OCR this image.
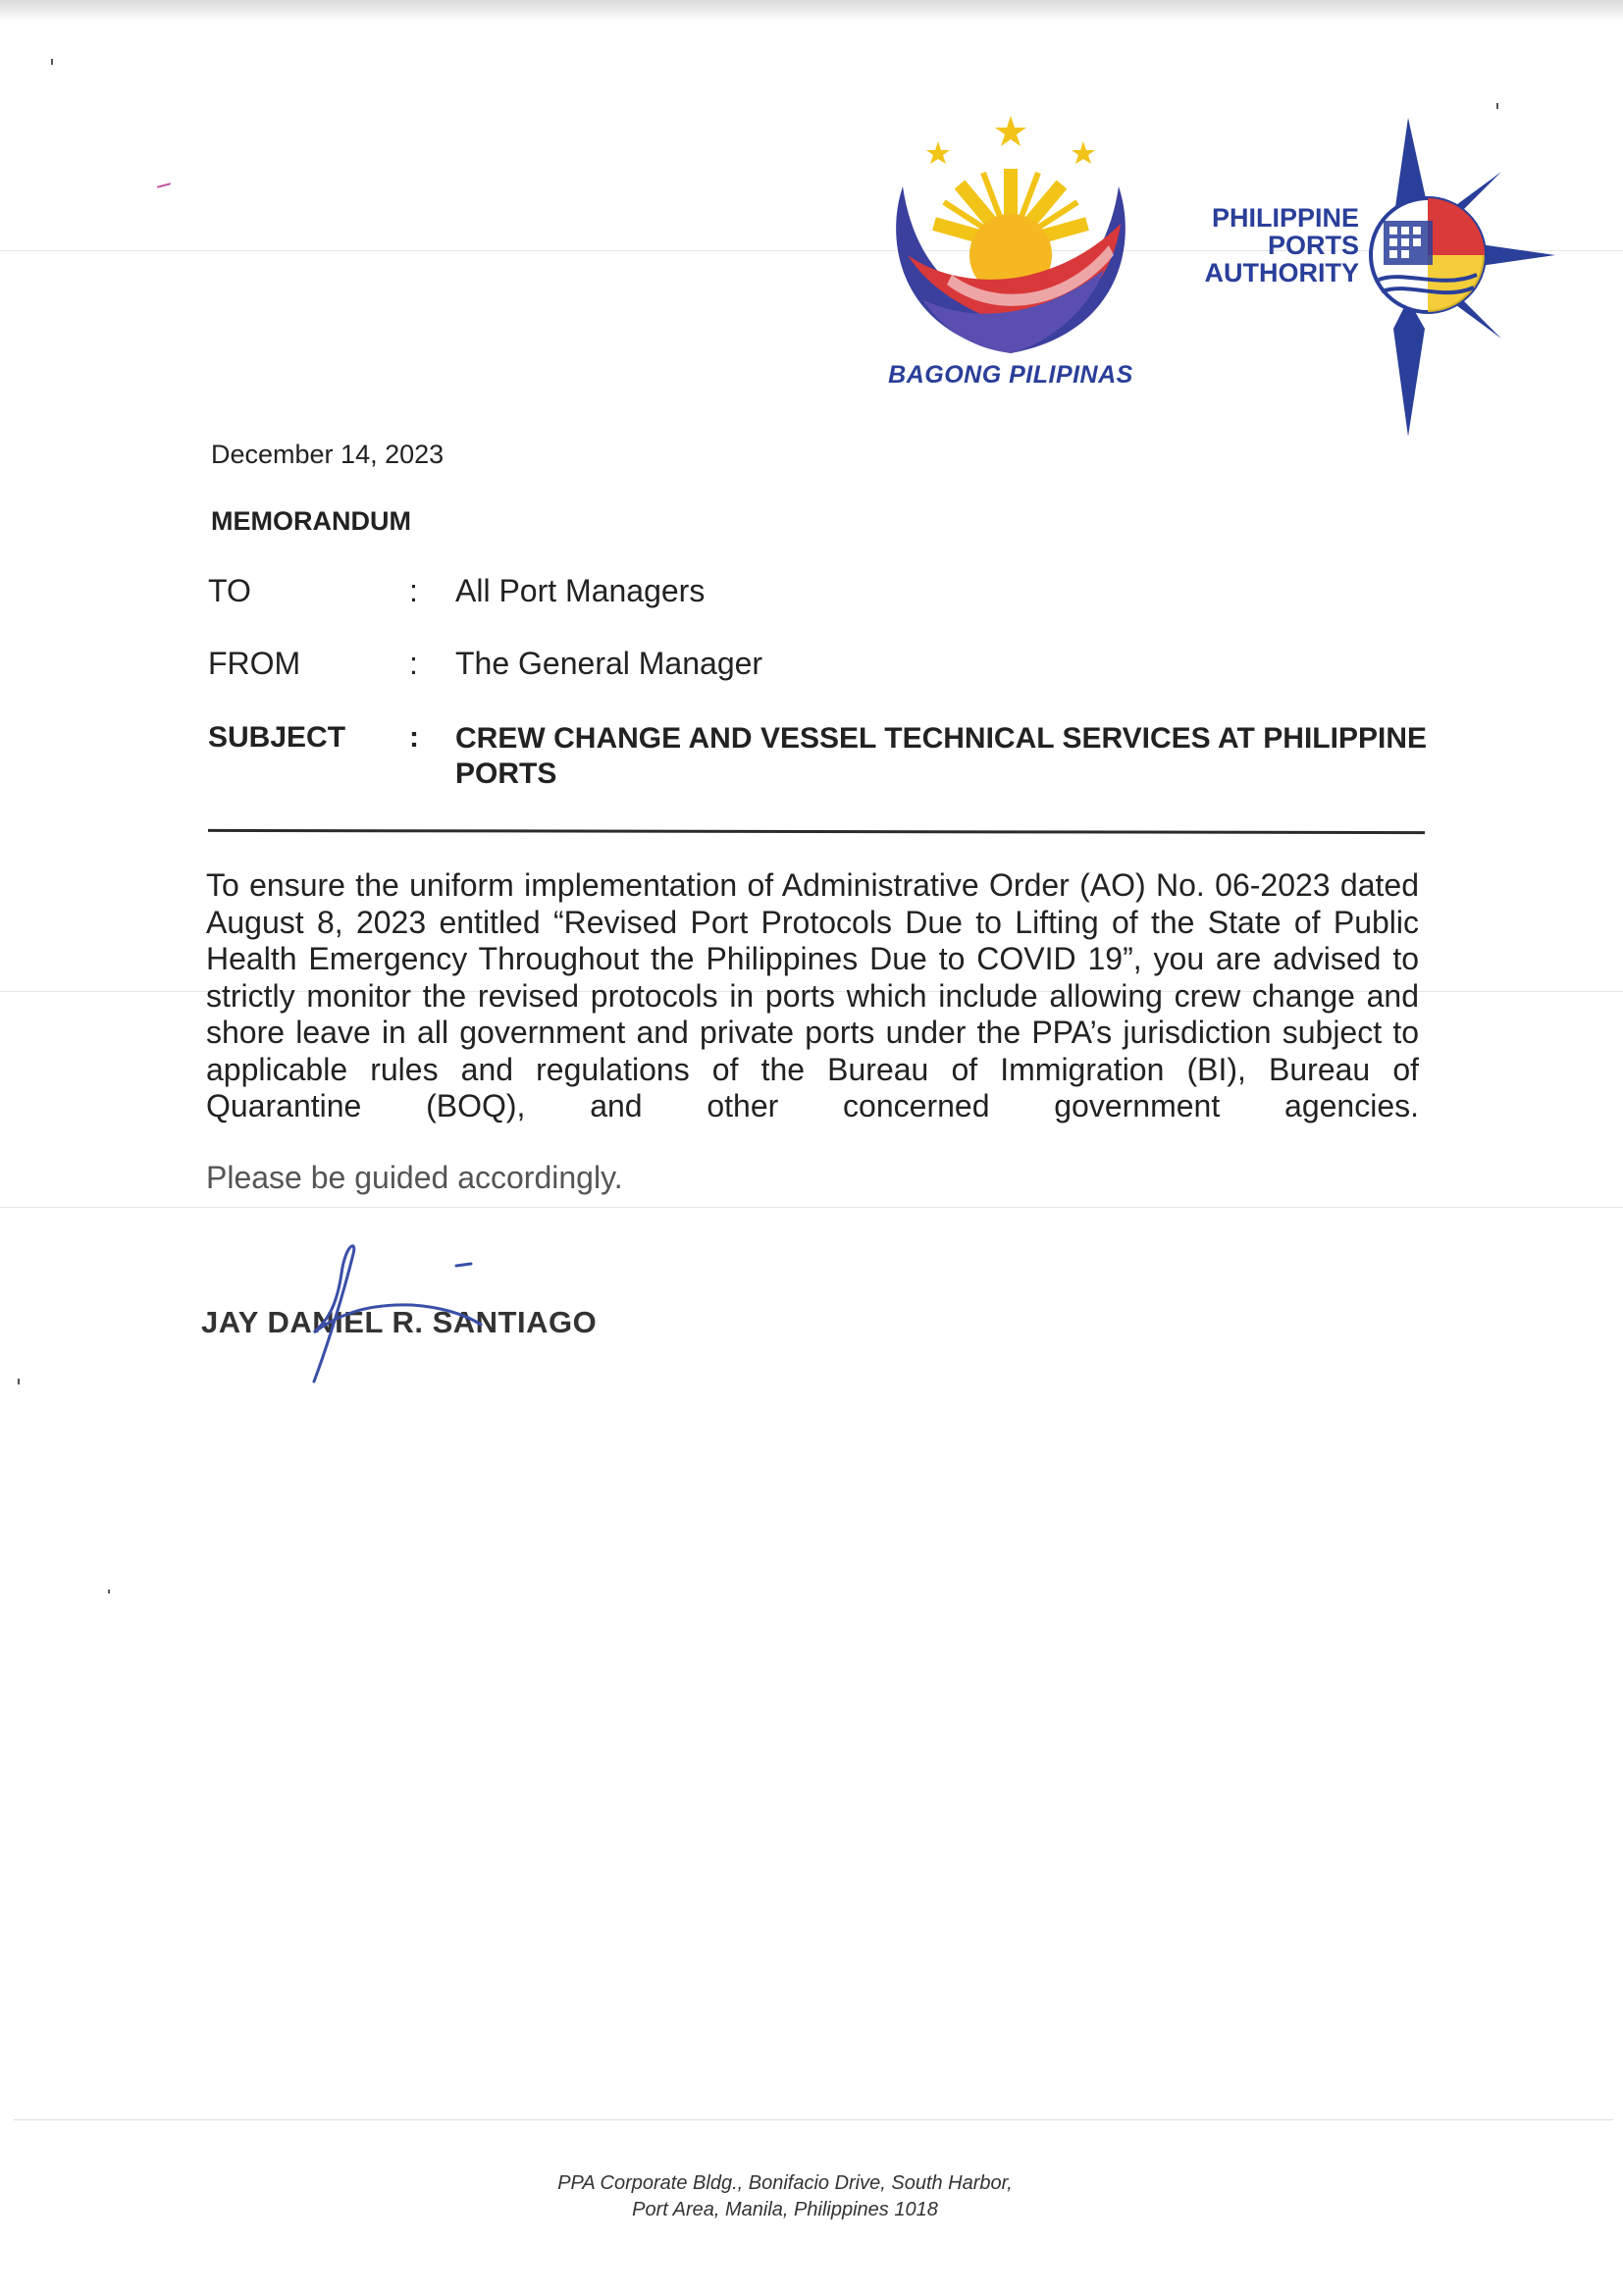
BAGONG PILIPINAS
PHILIPPINE
PORTS
AUTHORITY
December 14, 2023
MEMORANDUM
TO	: All Port Managers
FROM	: The General Manager
SUBJECT	: CREW CHANGE AND VESSEL TECHNICAL SERVICES AT PHILIPPINE PORTS
To ensure the uniform implementation of Administrative Order (AO) No. 06-2023 dated August 8, 2023 entitled “Revised Port Protocols Due to Lifting of the State of Public Health Emergency Throughout the Philippines Due to COVID 19”, you are advised to strictly monitor the revised protocols in ports which include allowing crew change and shore leave in all government and private ports under the PPA’s jurisdiction subject to applicable rules and regulations of the Bureau of Immigration (BI), Bureau of Quarantine (BOQ), and other concerned government agencies.
Please be guided accordingly.
JAY DANIEL R. SANTIAGO
PPA Corporate Bldg., Bonifacio Drive, South Harbor,
Port Area, Manila, Philippines 1018
